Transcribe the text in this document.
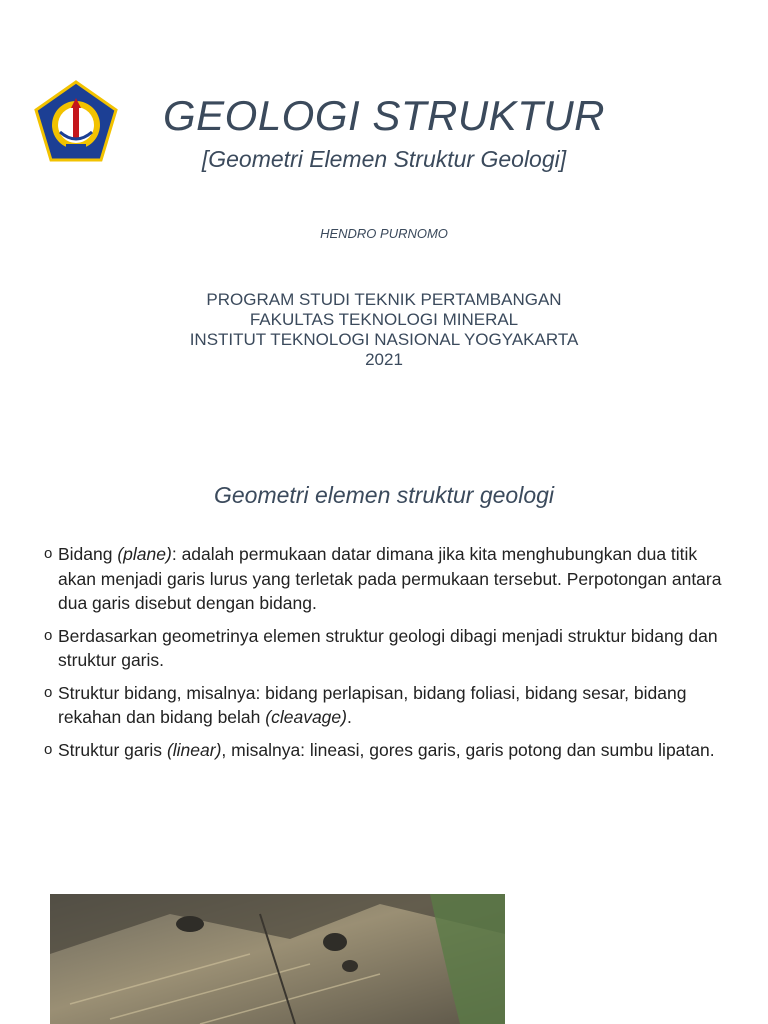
GEOLOGI STRUKTUR
[Geometri Elemen Struktur Geologi]
HENDRO PURNOMO
PROGRAM STUDI TEKNIK PERTAMBANGAN
FAKULTAS TEKNOLOGI MINERAL
INSTITUT TEKNOLOGI NASIONAL YOGYAKARTA
2021
Geometri elemen struktur geologi
o Bidang (plane): adalah permukaan datar dimana jika kita menghubungkan dua titik akan menjadi garis lurus yang terletak pada permukaan tersebut. Perpotongan antara dua garis disebut dengan bidang.
o Berdasarkan geometrinya elemen struktur geologi dibagi menjadi struktur bidang dan struktur garis.
o Struktur bidang, misalnya: bidang perlapisan, bidang foliasi, bidang sesar, bidang rekahan dan bidang belah (cleavage).
o Struktur garis (linear), misalnya: lineasi, gores garis, garis potong dan sumbu lipatan.
